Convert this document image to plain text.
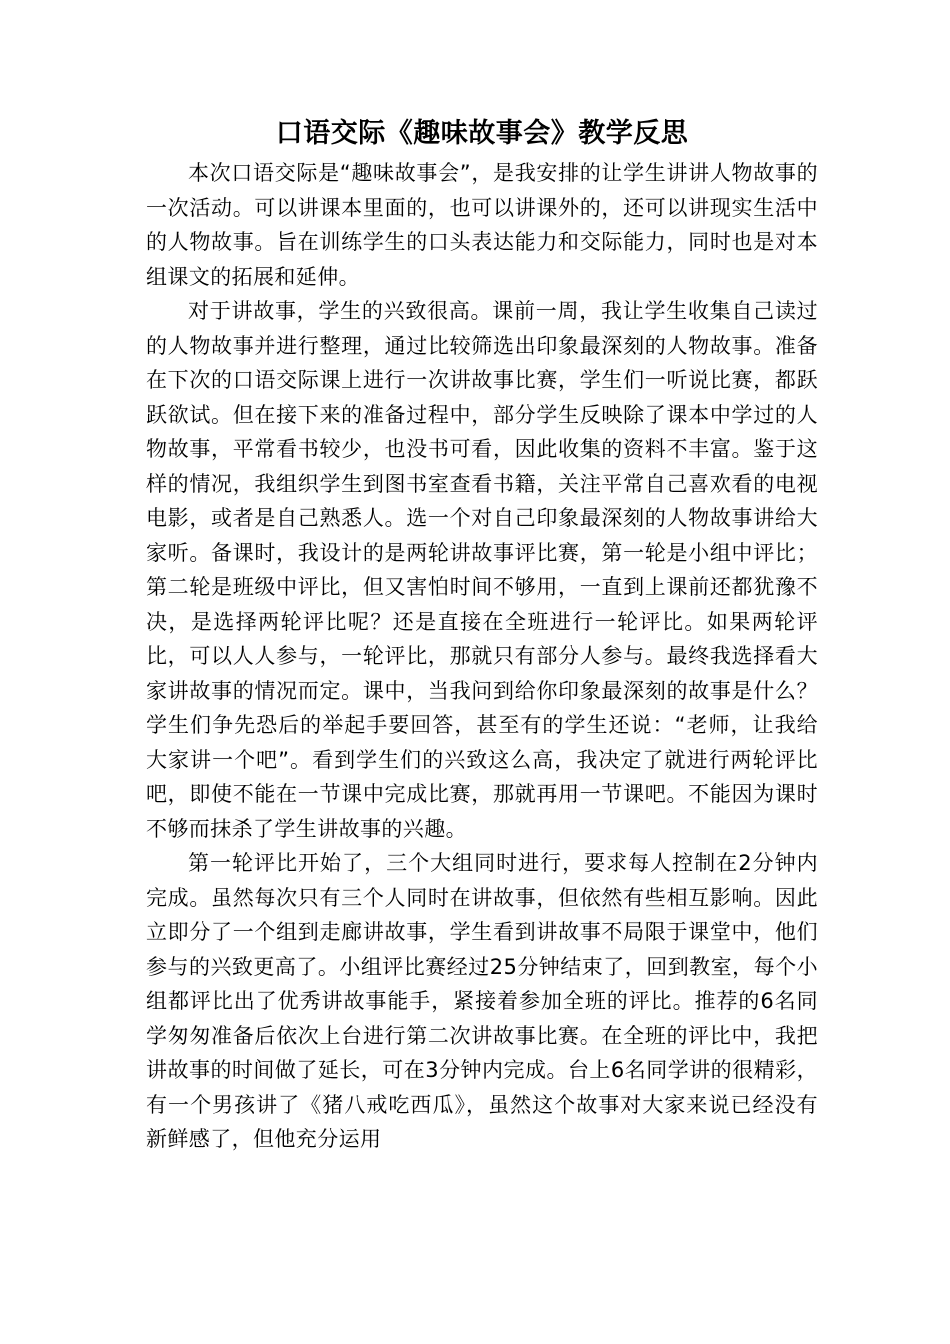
口语交际《趣味故事会》教学反思

本次口语交际是“趣味故事会”，是我安排的让学生讲讲人物故事的一次活动。可以讲课本里面的，也可以讲课外的，还可以讲现实生活中的人物故事。旨在训练学生的口头表达能力和交际能力，同时也是对本组课文的拓展和延伸。

对于讲故事，学生的兴致很高。课前一周，我让学生收集自己读过的人物故事并进行整理，通过比较筛选出印象最深刻的人物故事。准备在下次的口语交际课上进行一次讲故事比赛，学生们一听说比赛，都跃跃欲试。但在接下来的准备过程中，部分学生反映除了课本中学过的人物故事，平常看书较少，也没书可看，因此收集的资料不丰富。鉴于这样的情况，我组织学生到图书室查看书籍，关注平常自己喜欢看的电视电影，或者是自己熟悉人。选一个对自己印象最深刻的人物故事讲给大家听。备课时，我设计的是两轮讲故事评比赛，第一轮是小组中评比；第二轮是班级中评比，但又害怕时间不够用，一直到上课前还都犹豫不决，是选择两轮评比呢？还是直接在全班进行一轮评比。如果两轮评比，可以人人参与，一轮评比，那就只有部分人参与。最终我选择看大家讲故事的情况而定。课中，当我问到给你印象最深刻的故事是什么？学生们争先恐后的举起手要回答，甚至有的学生还说：“老师，让我给大家讲一个吧”。看到学生们的兴致这么高，我决定了就进行两轮评比吧，即使不能在一节课中完成比赛，那就再用一节课吧。不能因为课时不够而抹杀了学生讲故事的兴趣。

第一轮评比开始了，三个大组同时进行，要求每人控制在2分钟内完成。虽然每次只有三个人同时在讲故事，但依然有些相互影响。因此立即分了一个组到走廊讲故事，学生看到讲故事不局限于课堂中，他们参与的兴致更高了。小组评比赛经过25分钟结束了，回到教室，每个小组都评比出了优秀讲故事能手，紧接着参加全班的评比。推荐的6名同学匆匆准备后依次上台进行第二次讲故事比赛。在全班的评比中，我把讲故事的时间做了延长，可在3分钟内完成。台上6名同学讲的很精彩，有一个男孩讲了《猪八戒吃西瓜》，虽然这个故事对大家来说已经没有新鲜感了，但他充分运用
